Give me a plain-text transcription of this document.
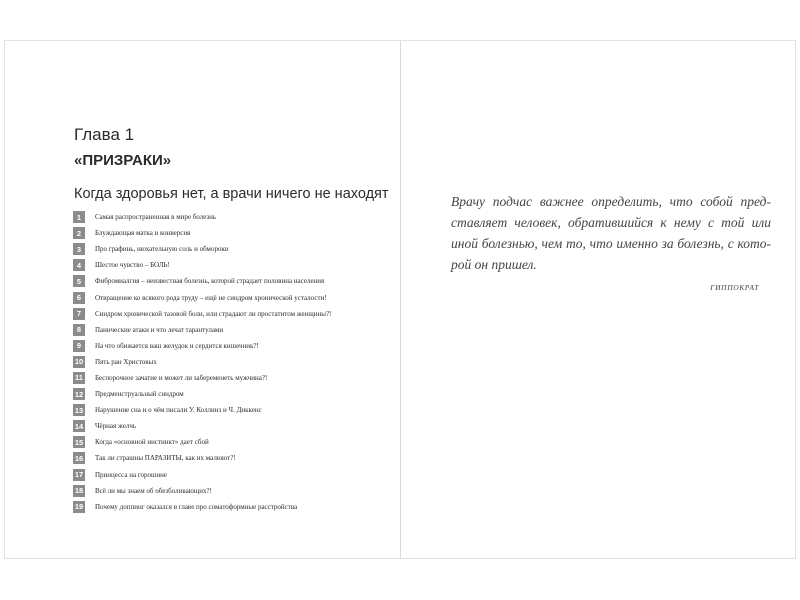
Глава 1
«ПРИЗРАКИ»
Когда здоровья нет, а врачи ничего не находят
1	Самая распространенная в мире болезнь
2	Блуждающая матка и конверсия
3	Про графинь, нюхательную соль и обмороки
4	Шестое чувство – БОЛЬ!
5	Фибромиалгия – неизвестная болезнь, которой страдает половина населения
6	Отвращение ко всякого рода труду – ещё не синдром хронической усталости!
7	Синдром хронической тазовой боли, или страдают ли простатитом женщины?!
8	Панические атаки и что лечат тарантулами
9	На что обижается ваш желудок и сердится кишечник?!
10 Пять ран Христовых
11 Беспорочное зачатие и может ли забеременеть мужчина?!
12 Предменструальный синдром
13 Нарушение сна и о чём писали У. Коллинз и Ч. Диккенс
14 Чёрная желчь
15 Когда «основной инстинкт» дает сбой
16 Так ли страшны ПАРАЗИТЫ, как их малюют?!
17 Принцесса на горошине
18 Всё ли мы знаем об обезболивающих?!
19 Почему доппинг оказался в главе про соматоформные расстройства
Врачу подчас важнее определить, что собой пред-
ставляет человек, обратившийся к нему с той или
иной болезнью, чем то, что именно за болезнь, с кото-
рой он пришел.
ГИППОКРАТ
